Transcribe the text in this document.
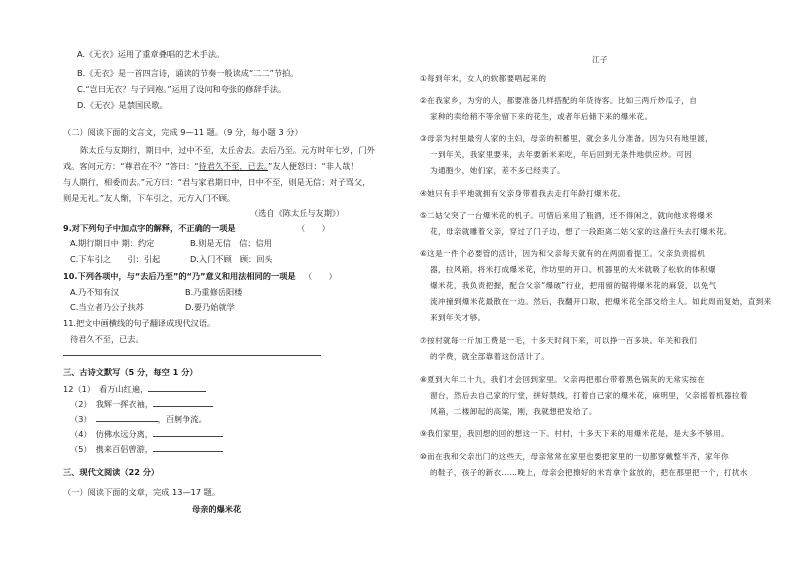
A.《无衣》运用了重章叠唱的艺术手法。
B.《无衣》是一首四言诗，诵读的节奏一般读成“二二”节拍。
C.“岂曰无衣？与子同袍。”运用了设问和夸张的修辞手法。
D.《无衣》是禁国民歌。
（二）阅读下面的文言文，完成 9—11 题。（9 分，每小题 3 分）
陈太丘与友期行，期日中，过中不至，太丘舍去。去后乃至。元方时年七岁，门外
戏。客问元方：“尊君在不？”答曰：“待君久不至，已去。”友人便怒曰：“非人哉！
与人期行，相委而去。”元方曰：“君与家君期日中，日中不至，则是无信；对子骂父，
则是无礼。”友人惭，下车引之，元方入门不顾。
（选自《陈太丘与友期》）
9.对下列句子中加点字的解释，不正确的一项是	（　　）
A.期行期日中 期：约定	B.则是无信　信：信用
C.下车引之　　引：引起	D.入门不顾　顾：回头
10.下列各项中，与“去后乃至”的“乃”意义和用法相同的一项是 （　　）
A.乃不知有汉	B.乃重修岳阳楼
C.当立者乃公子扶苏	D.要乃始就学
11.把文中画横线的句子翻译成现代汉语。
待君久不至，已去。
三、古诗文默写（5 分，每空 1 分）
12（1）　看万山红遍，
（2）　我辉一挥衣袖，
（3）　	，百舸争流。
（4）　仿佛水远分离，
（5）　携来百侣曾游，
三、现代文阅读（22 分）
（一）阅读下面的文章，完成 13—17 题。
母亲的爆米花
江子
①每到年末，女人的软都要唱起来的
②在我家乡，为穷的人，都要准备几样搭配的年货待客。比如三两斤炒瓜子，自
家种的卖给稍不等余留下来的花生，或者年后储下来的爆米花。
③母亲为村里最穷人家的主妇，母亲的积蓄里，就会多儿分准备。因为只有地里渡，
一到年关，我家里要来，去年要新米来吃，年后回到无条件地供应炒。可因
为通胞少，她们家，差不多已经卖了。
④她只有手平地就拥有父亲身带着我去走打年龄打爆米花。
⑤二姑父突了一台爆米花的机子。可惜后来用了瓶酒，还不得闲之，就向他求将爆米
花，母亲就雕着父亲，穿过了门子边，想了一段距离二姑父家的这盏行头去打爆米花。
⑥这是一件个必要管的活计，因为和父亲每天就有的在两面看提工。父亲负责摇机
器，拉风箱，将米打成爆米花，作坊里的开口。机器里的大米就吸了松软的体积爆
爆米花，我负责把握，配合父亲“爆破”行业，把用留的锯将爆米花的麻袋，以免气
流冲撞到爆米花最散在一边。然后，我翻开口取，把爆米花全部交给主人。如此周而复始，直到来
来到年关才够。
⑦按村就每一斤加工费是一毛，十多天时间下来，可以挣一百多块。年关和我们
的学费，就全部靠着这份活计了。
⑧夏到大年二十九，我们才会回到家里。父亲再把那台带着黑色锅灰的无常实按在
窗台，然后去自己家的厅堂，拼好禁线，打着自己家的爆米花，麻明里，父亲摇着机器拉着
风箱，二楼卸起的高粱，刚，我就想把发给了。
⑨我们家里，我回想的回的想这一下。村村，十多天下来的用爆米花是，是大多不够用。
⑩而在我和父亲出门的这些天，母亲常常在家里也要把家里的一切都穿戴整半齐，家年你
的鞋子，孩子的新衣……晚上，母亲会把擦好的米肯拿个盆放的，把在那里把一个，打扰水
